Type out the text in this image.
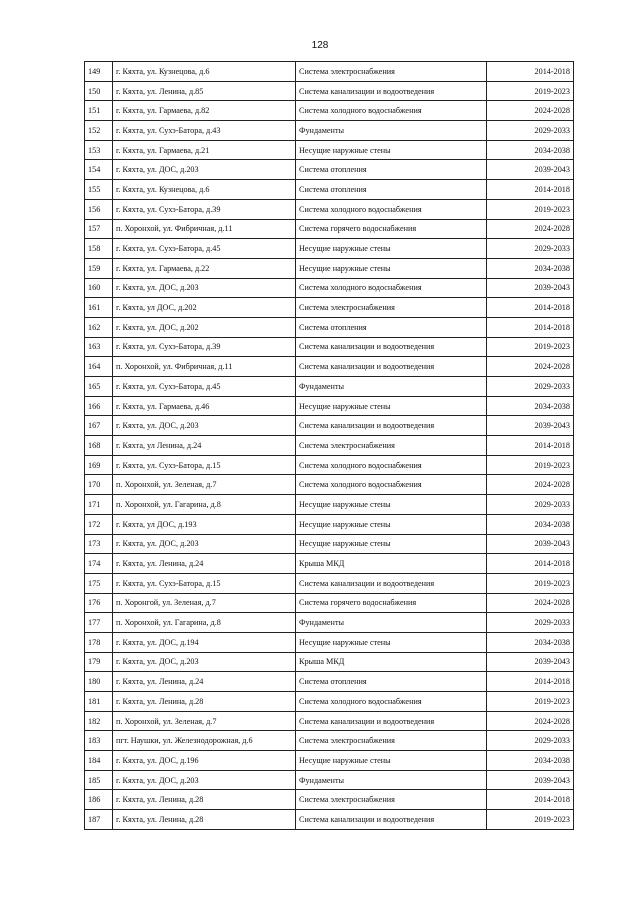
128
149	г. Кяхта, ул. Кузнецова, д.6	Система электроснабжения	2014-2018
150	г. Кяхта, ул. Ленина, д.85	Система канализации и водоотведения	2019-2023
151	г. Кяхта, ул. Гармаева, д.82	Система холодного водоснабжения	2024-2028
152	г. Кяхта, ул. Сухэ-Батора, д.43	Фундаменты	2029-2033
153	г. Кяхта, ул. Гармаева, д.21	Несущие наружные стены	2034-2038
154	г. Кяхта, ул. ДОС, д.203	Система отопления	2039-2043
155	г. Кяхта, ул. Кузнецова, д.6	Система отопления	2014-2018
156	г. Кяхта, ул. Сухэ-Батора, д.39	Система холодного водоснабжения	2019-2023
157	п. Хоронхой, ул. Фибричная, д.11	Система горячего водоснабжения	2024-2028
158	г. Кяхта, ул. Сухэ-Батора, д.45	Несущие наружные стены	2029-2033
159	г. Кяхта, ул. Гармаева, д.22	Несущие наружные стены	2034-2038
160	г. Кяхта, ул. ДОС, д.203	Система холодного водоснабжения	2039-2043
161	г. Кяхта, ул ДОС, д.202	Система электроснабжения	2014-2018
162	г. Кяхта, ул. ДОС, д.202	Система отопления	2014-2018
163	г. Кяхта, ул. Сухэ-Батора, д.39	Система канализации и водоотведения	2019-2023
164	п. Хоронхой, ул. Фибричная, д.11	Система канализации и водоотведения	2024-2028
165	г. Кяхта, ул. Сухэ-Батора, д.45	Фундаменты	2029-2033
166	г. Кяхта, ул. Гармаева, д.46	Несущие наружные стены	2034-2038
167	г. Кяхта, ул. ДОС, д.203	Система канализации и водоотведения	2039-2043
168	г. Кяхта, ул Ленина, д.24	Система электроснабжения	2014-2018
169	г. Кяхта, ул. Сухэ-Батора, д.15	Система холодного водоснабжения	2019-2023
170	п. Хоронхой, ул. Зеленая, д.7	Система холодного водоснабжения	2024-2028
171	п. Хоронхой, ул. Гагарина, д.8	Несущие наружные стены	2029-2033
172	г. Кяхта, ул ДОС, д.193	Несущие наружные стены	2034-2038
173	г. Кяхта, ул. ДОС, д.203	Несущие наружные стены	2039-2043
174	г. Кяхта, ул. Ленина, д.24	Крыша МКД	2014-2018
175	г. Кяхта, ул. Сухэ-Батора, д.15	Система канализации и водоотведения	2019-2023
176	п. Хоронгой, ул. Зеленая, д.7	Система горячего водоснабжения	2024-2028
177	п. Хоронхой, ул. Гагарина, д.8	Фундаменты	2029-2033
178	г. Кяхта, ул. ДОС, д.194	Несущие наружные стены	2034-2038
179	г. Кяхта, ул. ДОС, д.203	Крыша МКД	2039-2043
180	г. Кяхта, ул. Ленина, д.24	Система отопления	2014-2018
181	г. Кяхта, ул. Ленина, д.28	Система холодного водоснабжения	2019-2023
182	п. Хоронхой, ул. Зеленая, д.7	Система канализации и водоотведения	2024-2028
183	пгт. Наушки, ул. Железнодорожная, д.6	Система электроснабжения	2029-2033
184	г. Кяхта, ул. ДОС, д.196	Несущие наружные стены	2034-2038
185	г. Кяхта, ул. ДОС, д.203	Фундаменты	2039-2043
186	г. Кяхта, ул. Ленина, д.28	Система электроснабжения	2014-2018
187	г. Кяхта, ул. Ленина, д.28	Система канализации и водоотведения	2019-2023
